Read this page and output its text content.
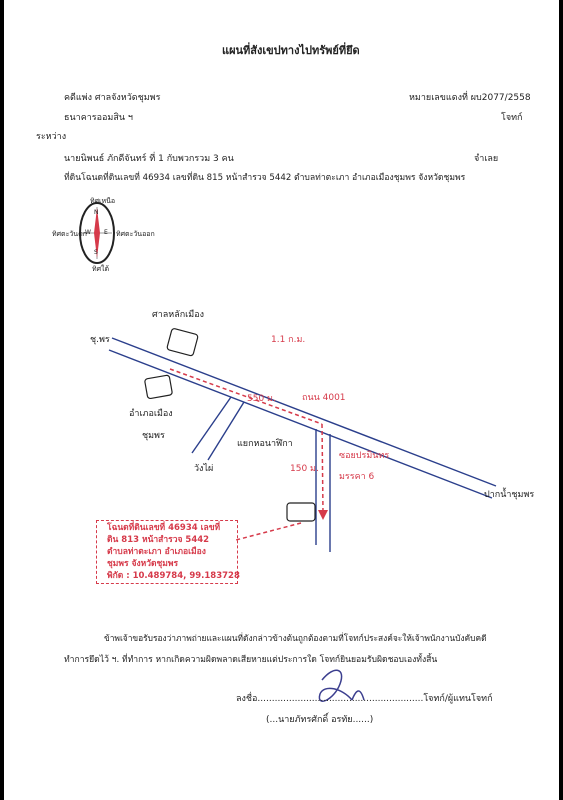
แผนที่สังเขปทางไปทรัพย์ที่ยึด
คดีแพ่ง ศาลจังหวัดชุมพร	หมายเลขแดงที่ ผบ2077/2558
ธนาคารออมสิน ฯ	โจทก์
ระหว่าง
นายนิพนธ์ ภักดีจันทร์ ที่ 1 กับพวกรวม 3 คน	จำเลย
ที่ดินโฉนดที่ดินเลขที่ 46934 เลขที่ดิน 815 หน้าสำรวจ 5442 ตำบลท่าตะเภา อำเภอเมืองชุมพร จังหวัดชุมพร
ทิศเหนือ
ทิศใต้
ทิศตะวันตก	ทิศตะวันออก
N
S
W E
ศาลหลักเมือง
1.1 ก.ม.
ชุ.พร
อำเภอเมือง
ชุมพร
550 ม.	ถนน 4001
แยกหอนาฬิกา
วังไผ่
ซอยปรมินทร
มรรคา 6
150 ม.
ปากน้ำชุมพร
โฉนดที่ดินเลขที่ 46934 เลขที่
ดิน 813 หน้าสำรวจ 5442
ตำบลท่าตะเภา อำเภอเมือง
ชุมพร จังหวัดชุมพร
พิกัด : 10.489784, 99.183728
ข้าพเจ้าขอรับรองว่าภาพถ่ายและแผนที่ดังกล่าวข้างต้นถูกต้องตามที่โจทก์ประสงค์จะให้เจ้าพนักงานบังคับคดี
ทำการยึดไว้ ฯ. ที่ทำการ หากเกิดความผิดพลาดเสียหายแต่ประการใด โจทก์ยินยอมรับผิดชอบเองทั้งสิ้น
ลงชื่อ..........................................................โจทก์/ผู้แทนโจทก์
(...นายภัทรศักดิ์ อรทัย......)
